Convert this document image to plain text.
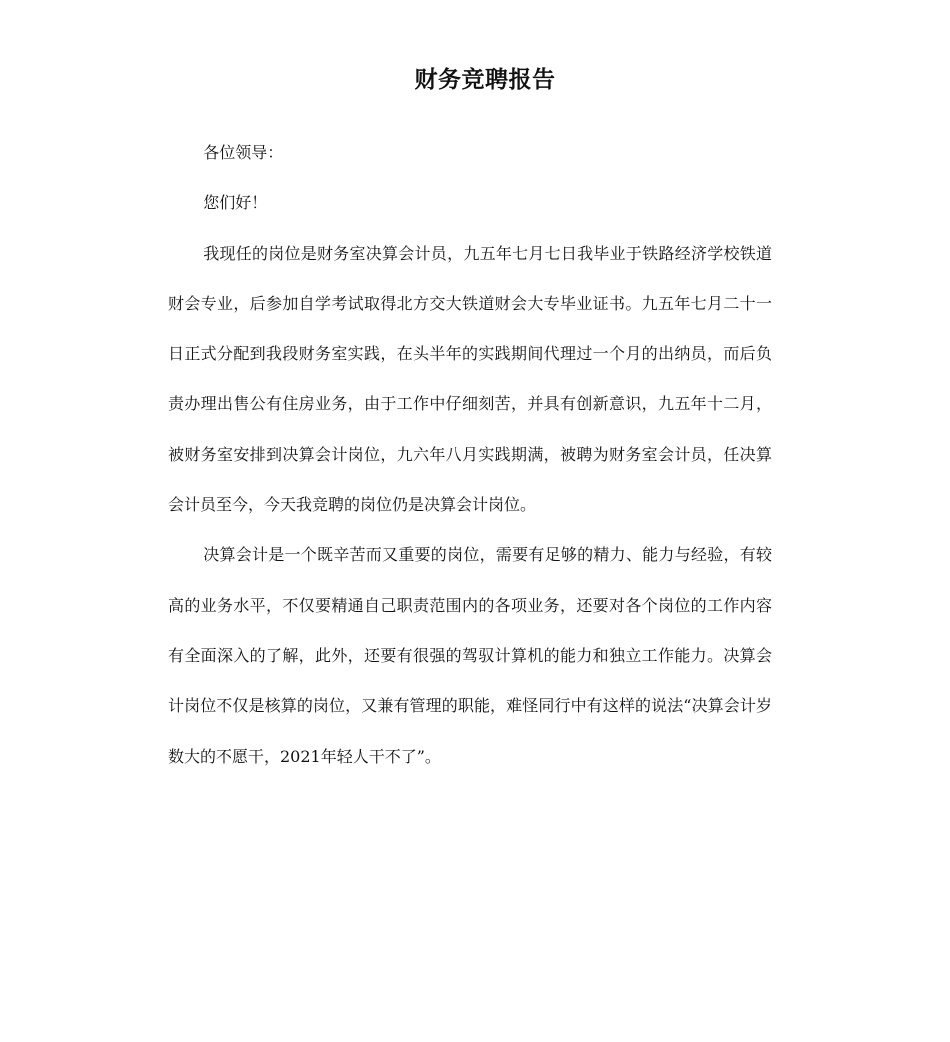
财务竞聘报告

各位领导：

您们好！

我现任的岗位是财务室决算会计员，九五年七月七日我毕业于铁路经济学校铁道财会专业，后参加自学考试取得北方交大铁道财会大专毕业证书。九五年七月二十一日正式分配到我段财务室实践，在头半年的实践期间代理过一个月的出纳员，而后负责办理出售公有住房业务，由于工作中仔细刻苦，并具有创新意识，九五年十二月，被财务室安排到决算会计岗位，九六年八月实践期满，被聘为财务室会计员，任决算会计员至今，今天我竞聘的岗位仍是决算会计岗位。

决算会计是一个既辛苦而又重要的岗位，需要有足够的精力、能力与经验，有较高的业务水平，不仅要精通自己职责范围内的各项业务，还要对各个岗位的工作内容有全面深入的了解，此外，还要有很强的驾驭计算机的能力和独立工作能力。决算会计岗位不仅是核算的岗位，又兼有管理的职能，难怪同行中有这样的说法“决算会计岁数大的不愿干，2021年轻人干不了”。
